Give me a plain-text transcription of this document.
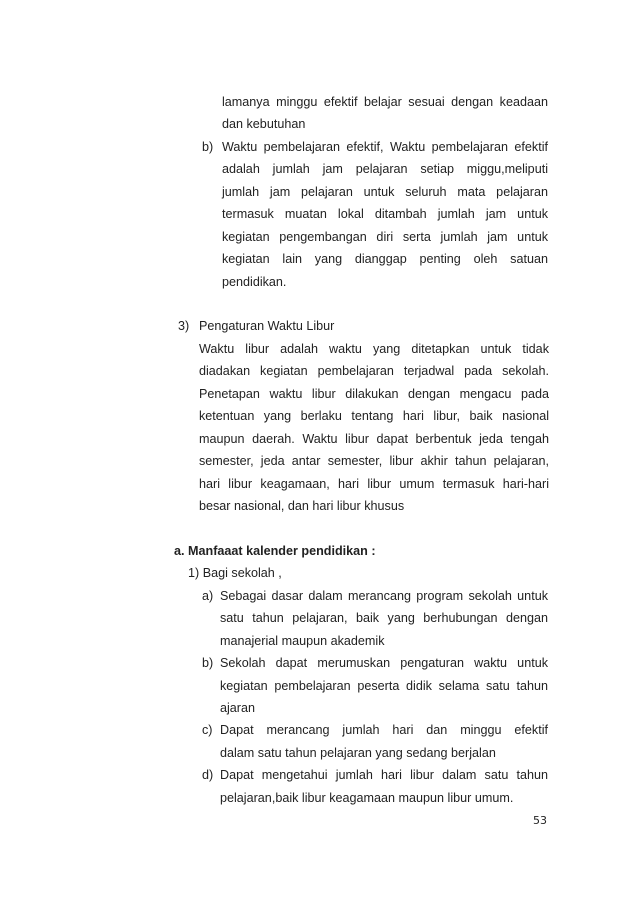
lamanya minggu efektif belajar sesuai dengan keadaan
dan kebutuhan
b) Waktu pembelajaran efektif, Waktu pembelajaran efektif
adalah jumlah jam pelajaran setiap miggu,meliputi
jumlah jam pelajaran untuk seluruh mata pelajaran
termasuk muatan lokal ditambah jumlah jam untuk
kegiatan pengembangan diri serta jumlah jam untuk
kegiatan lain yang dianggap penting oleh satuan
pendidikan.
3) Pengaturan Waktu Libur
Waktu libur adalah waktu yang ditetapkan untuk tidak
diadakan kegiatan pembelajaran terjadwal pada sekolah.
Penetapan waktu libur dilakukan dengan mengacu pada
ketentuan yang berlaku tentang hari libur, baik nasional
maupun daerah. Waktu libur dapat berbentuk jeda tengah
semester, jeda antar semester, libur akhir tahun pelajaran,
hari libur keagamaan, hari libur umum termasuk hari-hari
besar nasional, dan hari libur khusus
a. Manfaaat kalender pendidikan :
1) Bagi sekolah ,
a) Sebagai dasar dalam merancang program sekolah untuk
satu tahun pelajaran, baik yang berhubungan dengan
manajerial maupun akademik
b) Sekolah dapat merumuskan pengaturan waktu untuk
kegiatan pembelajaran peserta didik selama satu tahun
ajaran
c) Dapat merancang jumlah hari dan minggu efektif
dalam satu tahun pelajaran yang sedang berjalan
d) Dapat mengetahui jumlah hari libur dalam satu tahun
pelajaran,baik libur keagamaan maupun libur umum.
53
